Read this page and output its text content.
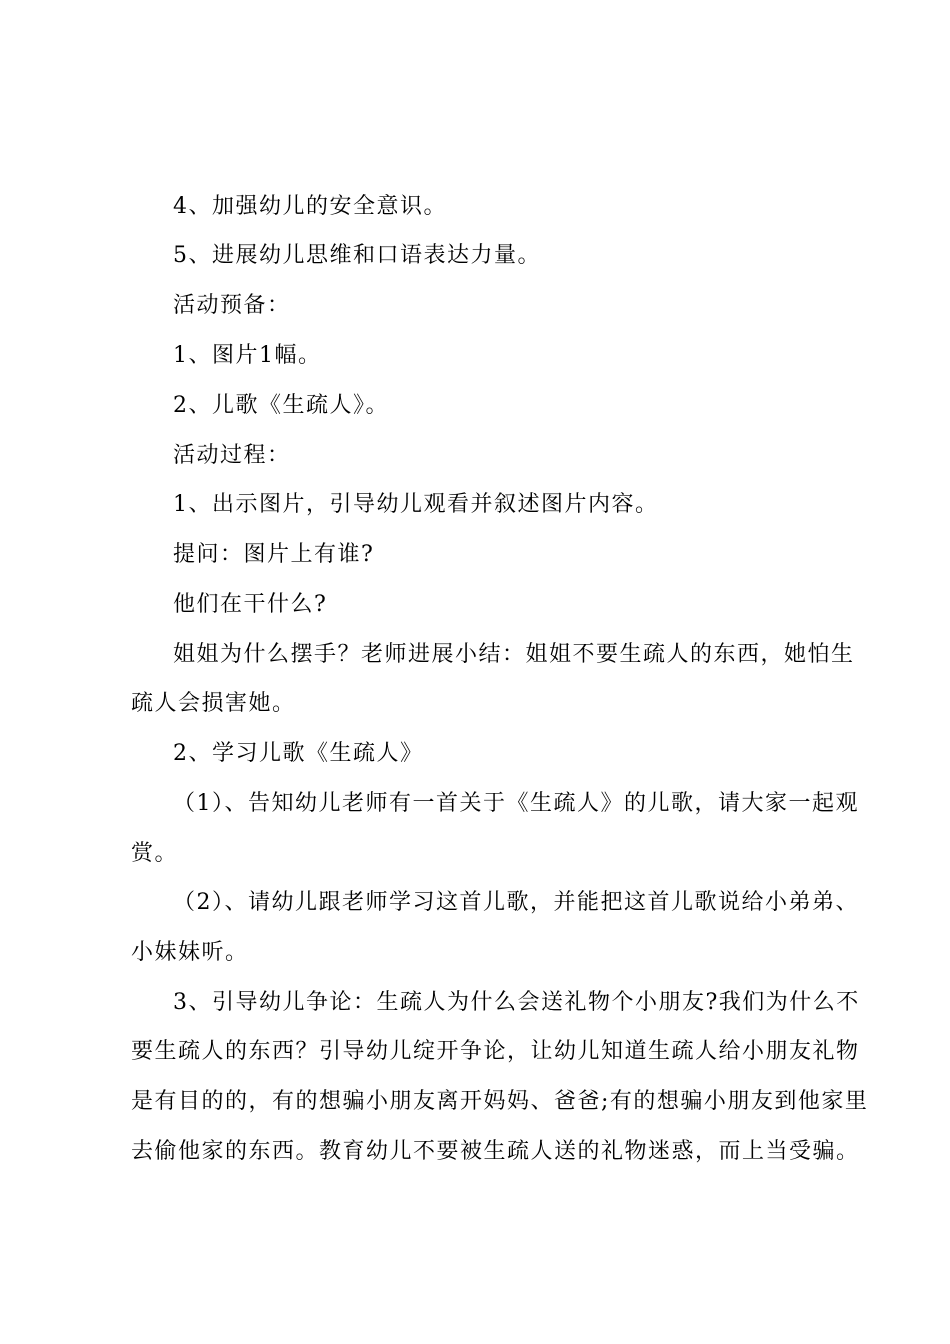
4、加强幼儿的安全意识。
5、进展幼儿思维和口语表达力量。
活动预备：
1、图片1幅。
2、儿歌《生疏人》。
活动过程：
1、出示图片，引导幼儿观看并叙述图片内容。
提问：图片上有谁?
他们在干什么?
姐姐为什么摆手？老师进展小结：姐姐不要生疏人的东西，她怕生
疏人会损害她。
2、学习儿歌《生疏人》
（1）、告知幼儿老师有一首关于《生疏人》的儿歌，请大家一起观
赏。
（2）、请幼儿跟老师学习这首儿歌，并能把这首儿歌说给小弟弟、
小妹妹听。
3、引导幼儿争论：生疏人为什么会送礼物个小朋友?我们为什么不
要生疏人的东西？引导幼儿绽开争论，让幼儿知道生疏人给小朋友礼物
是有目的的，有的想骗小朋友离开妈妈、爸爸;有的想骗小朋友到他家里
去偷他家的东西。教育幼儿不要被生疏人送的礼物迷惑，而上当受骗。
